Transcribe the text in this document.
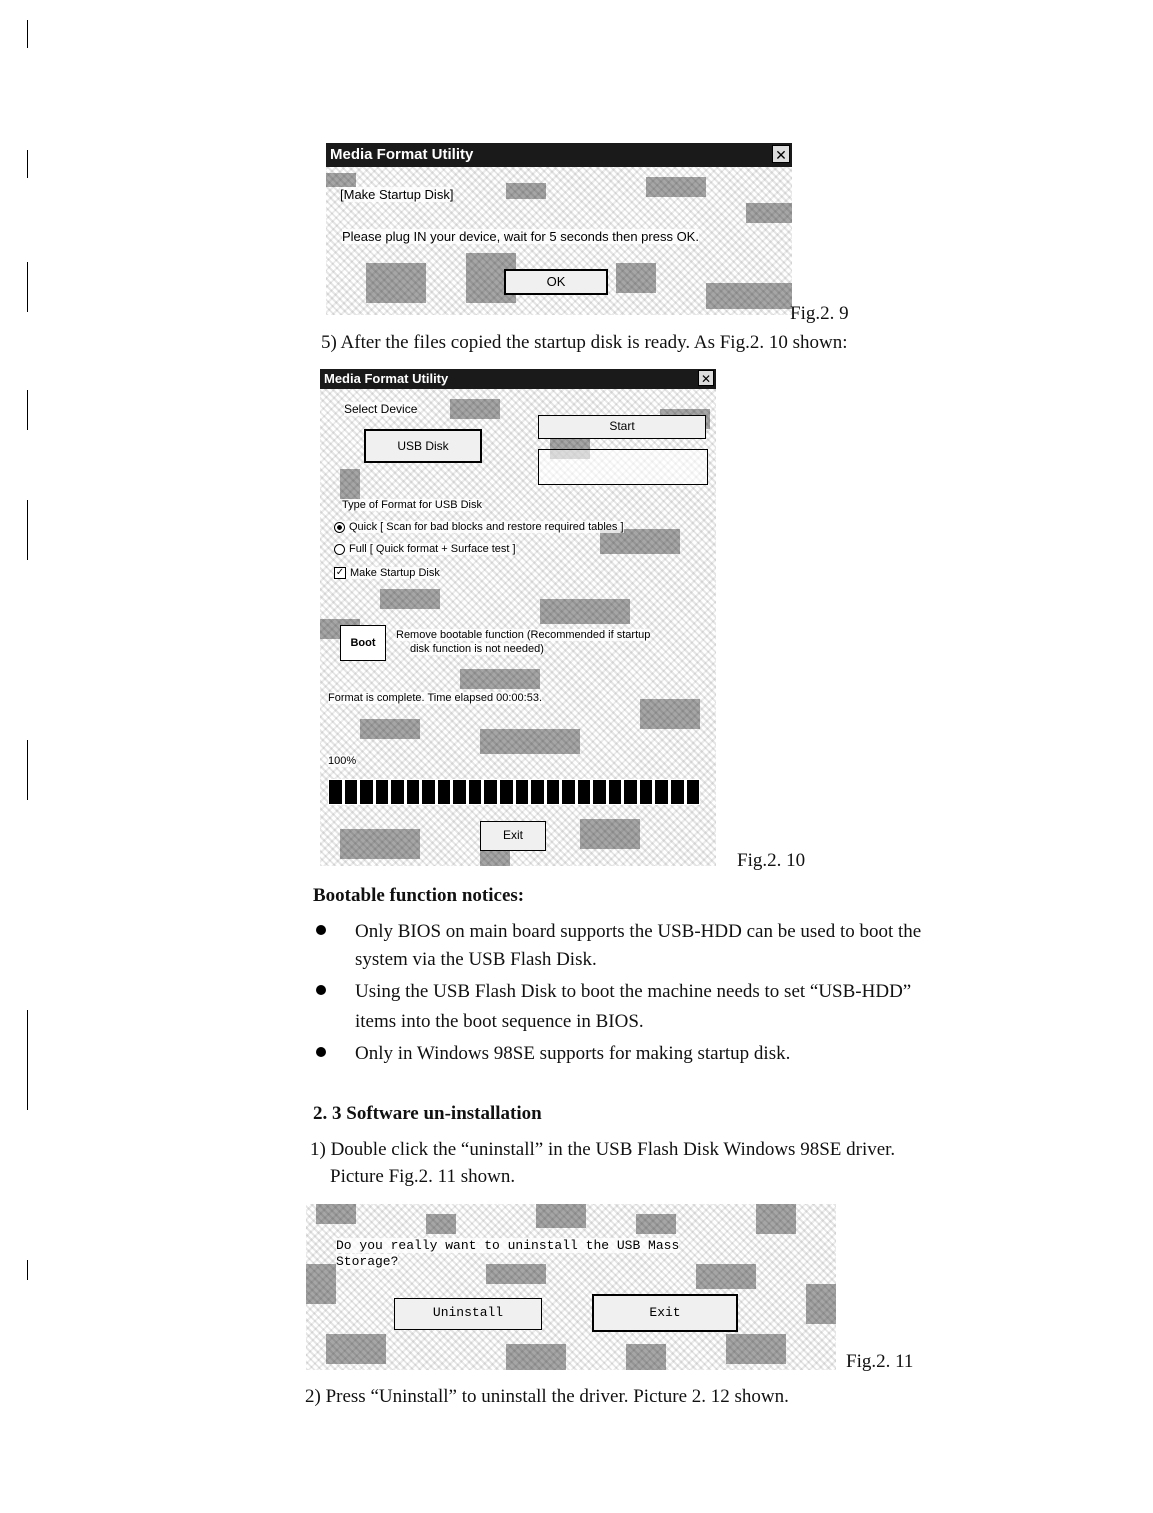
Media Format Utility	✕
[Make Startup Disk]
Please plug IN your device, wait for 5 seconds then press OK.
OK
Fig.2. 9
5) After the files copied the startup disk is ready. As Fig.2. 10 shown:
Media Format Utility	✕
Select Device
USB Disk
Start
Type of Format for USB Disk
Quick [ Scan for bad blocks and restore required tables ]
Full [ Quick format + Surface test ]
✓ Make Startup Disk
Boot
Remove bootable function (Recommended if startup
disk function is not needed)
Format is complete. Time elapsed 00:00:53.
100%
Exit
Fig.2. 10
Bootable function notices:
Only BIOS on main board supports the USB-HDD can be used to boot the
system via the USB Flash Disk.
Using the USB Flash Disk to boot the machine needs to set “USB-HDD”
items into the boot sequence in BIOS.
Only in Windows 98SE supports for making startup disk.
2. 3 Software un-installation
1) Double click the “uninstall” in the USB Flash Disk Windows 98SE driver.
Picture Fig.2. 11 shown.
Do you really want to uninstall the USB Mass
Storage?
Uninstall	Exit
Fig.2. 11
2) Press “Uninstall” to uninstall the driver. Picture 2. 12 shown.
